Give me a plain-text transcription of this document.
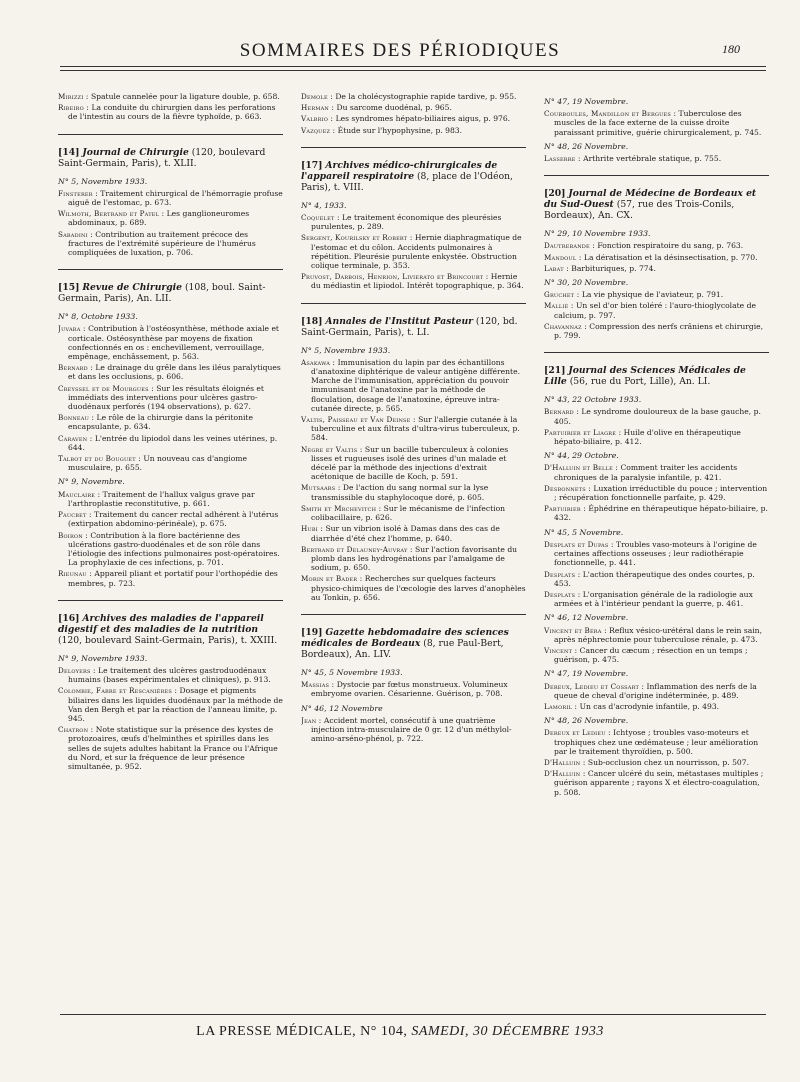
SOMMAIRES DES PÉRIODIQUES	180
Mirizzi : Spatule cannelée pour la ligature double, p. 658.
Ribeiro : La conduite du chirurgien dans les perforations de l'intestin au cours de la fièvre typhoïde, p. 663.
[14] Journal de Chirurgie (120, boulevard Saint-Germain, Paris), t. XLII.
N° 5, Novembre 1933.
Finsterer : Traitement chirurgical de l'hémorragie profuse aiguë de l'estomac, p. 673.
Wilmoth, Bertrand et Patel : Les ganglioneuromes abdominaux, p. 689.
Sabadini : Contribution au traitement précoce des fractures de l'extrémité supérieure de l'humérus compliquées de luxation, p. 706.
[15] Revue de Chirurgie (108, boul. Saint-Germain, Paris), An. LII.
N° 8, Octobre 1933.
Juvara : Contribution à l'ostéosynthèse, méthode axiale et corticale. Ostéosynthèse par moyens de fixation confectionnés en os : enchevillement, verrouillage, empênage, enchâssement, p. 563.
Bernard : Le drainage du grêle dans les iléus paralytiques et dans les occlusions, p. 606.
Creyssel et de Mourgues : Sur les résultats éloignés et immédiats des interventions pour ulcères gastro-duodénaux perforés (194 observations), p. 627.
Bonneau : Le rôle de la chirurgie dans la péritonite encapsulante, p. 634.
Caraven : L'entrée du lipiodol dans les veines utérines, p. 644.
Talbot et du Bouguet : Un nouveau cas d'angiome musculaire, p. 655.
N° 9, Novembre.
Mauclaire : Traitement de l'hallux valgus grave par l'arthroplastie reconstitutive, p. 661.
Paucbet : Traitement du cancer rectal adhérent à l'utérus (extirpation abdomino-périnéale), p. 675.
Boiron : Contribution à la flore bactérienne des ulcérations gastro-duodénales et de son rôle dans l'étiologie des infections pulmonaires post-opératoires. La prophylaxie de ces infections, p. 701.
Rieunau : Appareil pliant et portatif pour l'orthopédie des membres, p. 723.
[16] Archives des maladies de l'appareil digestif et des maladies de la nutrition (120, boulevard Saint-Germain, Paris), t. XXIII.
N° 9, Novembre 1933.
Deloyers : Le traitement des ulcères gastroduodénaux humains (bases expérimentales et cliniques), p. 913.
Colombie, Fabre et Rescanières : Dosage et pigments biliaires dans les liquides duodénaux par la méthode de Van den Bergh et par la réaction de l'anneau limite, p. 945.
Chatron : Note statistique sur la présence des kystes de protozoaires, œufs d'helminthes et spirilles dans les selles de sujets adultes habitant la France ou l'Afrique du Nord, et sur la fréquence de leur présence simultanée, p. 952.
Demole : De la cholécystographie rapide tardive, p. 955.
Herman : Du sarcome duodénal, p. 965.
Valbrio : Les syndromes hépato-biliaires aigus, p. 976.
Vazquez : Étude sur l'hypophysine, p. 983.
[17] Archives médico-chirurgicales de l'appareil respiratoire (8, place de l'Odéon, Paris), t. VIII.
N° 4, 1933.
Coquelet : Le traitement économique des pleurésies purulentes, p. 289.
Sergent, Kourilsky et Robert : Hernie diaphragmatique de l'estomac et du côlon. Accidents pulmonaires à répétition. Pleurésie purulente enkystée. Obstruction colique terminale, p. 353.
Pruvost, Darbois, Henrion, Livierato et Brincourt : Hernie du médiastin et lipiodol. Intérêt topographique, p. 364.
[18] Annales de l'Institut Pasteur (120, bd. Saint-Germain, Paris), t. LI.
N° 5, Novembre 1933.
Asakawa : Immunisation du lapin par des échantillons d'anatoxine diphtérique de valeur antigène différente. Marche de l'immunisation, appréciation du pouvoir immunisant de l'anatoxine par la méthode de floculation, dosage de l'anatoxine, épreuve intra-cutanée directe, p. 565.
Valtis, Paisseau et Van Deinse : Sur l'allergie cutanée à la tuberculine et aux filtrats d'ultra-virus tuberculeux, p. 584.
Nègre et Valtis : Sur un bacille tuberculeux à colonies lisses et rugueuses isolé des urines d'un malade et décelé par la méthode des injections d'extrait acétonique de bacille de Koch, p. 591.
Mutsaars : De l'action du sang normal sur la lyse transmissible du staphylocoque doré, p. 605.
Smith et Mrchevitch : Sur le mécanisme de l'infection colibacillaire, p. 626.
Hubi : Sur un vibrion isolé à Damas dans des cas de diarrhée d'été chez l'homme, p. 640.
Bertrand et Delauney-Auvray : Sur l'action favorisante du plomb dans les hydrogénations par l'amalgame de sodium, p. 650.
Morin et Bader : Recherches sur quelques facteurs physico-chimiques de l'œcologie des larves d'anophèles au Tonkin, p. 656.
[19] Gazette hebdomadaire des sciences médicales de Bordeaux (8, rue Paul-Bert, Bordeaux), An. LIV.
N° 45, 5 Novembre 1933.
Massias : Dystocie par fœtus monstrueux. Volumineux embryome ovarien. Césarienne. Guérison, p. 708.
N° 46, 12 Novembre
Jean : Accident mortel, consécutif à une quatrième injection intra-musculaire de 0 gr. 12 d'un méthylol-amino-arséno-phénol, p. 722.
N° 47, 19 Novembre.
Courboules, Mandillon et Bergues : Tuberculose des muscles de la face externe de la cuisse droite paraissant primitive, guérie chirurgicalement, p. 745.
N° 48, 26 Novembre.
Lasserre : Arthrite vertébrale statique, p. 755.
[20] Journal de Médecine de Bordeaux et du Sud-Ouest (57, rue des Trois-Conils, Bordeaux), An. CX.
N° 29, 10 Novembre 1933.
Dautrebande : Fonction respiratoire du sang, p. 763.
Mandoul : La dératisation et la désinsectisation, p. 770.
Labat : Barbituriques, p. 774.
N° 30, 20 Novembre.
Gruchet : La vie physique de l'aviateur, p. 791.
Mallié : Un sel d'or bien toléré : l'auro-thioglycolate de calcium, p. 797.
Chavannaz : Compression des nerfs crâniens et chirurgie, p. 799.
[21] Journal des Sciences Médicales de Lille (56, rue du Port, Lille), An. LI.
N° 43, 22 Octobre 1933.
Bernard : Le syndrome douloureux de la base gauche, p. 405.
Partuirier et Liagre : Huile d'olive en thérapeutique hépato-biliaire, p. 412.
N° 44, 29 Octobre.
D'Halluin et Belle : Comment traiter les accidents chroniques de la paralysie infantile, p. 421.
Desbonnets : Luxation irréductible du pouce ; intervention ; récupération fonctionnelle parfaite, p. 429.
Partuirier : Éphédrine en thérapeutique hépato-biliaire, p. 432.
N° 45, 5 Novembre.
Desplats et Dupas : Troubles vaso-moteurs à l'origine de certaines affections osseuses ; leur radiothérapie fonctionnelle, p. 441.
Desplats : L'action thérapeutique des ondes courtes, p. 453.
Desplats : L'organisation générale de la radiologie aux armées et à l'intérieur pendant la guerre, p. 461.
N° 46, 12 Novembre.
Vincent et Béra : Reflux vésico-urétéral dans le rein sain, après néphrectomie pour tuberculose rénale, p. 473.
Vincent : Cancer du cæcum ; résection en un temps ; guérison, p. 475.
N° 47, 19 Novembre.
Dereux, Ledieu et Cossart : Inflammation des nerfs de la queue de cheval d'origine indéterminée, p. 489.
Lamoril : Un cas d'acrodynie infantile, p. 493.
N° 48, 26 Novembre.
Dereux et Ledieu : Ichtyose ; troubles vaso-moteurs et trophiques chez une œdémateuse ; leur amélioration par le traitement thyroïdien, p. 500.
D'Halluin : Sub-occlusion chez un nourrisson, p. 507.
D'Halluin : Cancer ulcéré du sein, métastases multiples ; guérison apparente ; rayons X et électro-coagulation, p. 508.
LA PRESSE MÉDICALE, N° 104, SAMEDI, 30 DÉCEMBRE 1933
